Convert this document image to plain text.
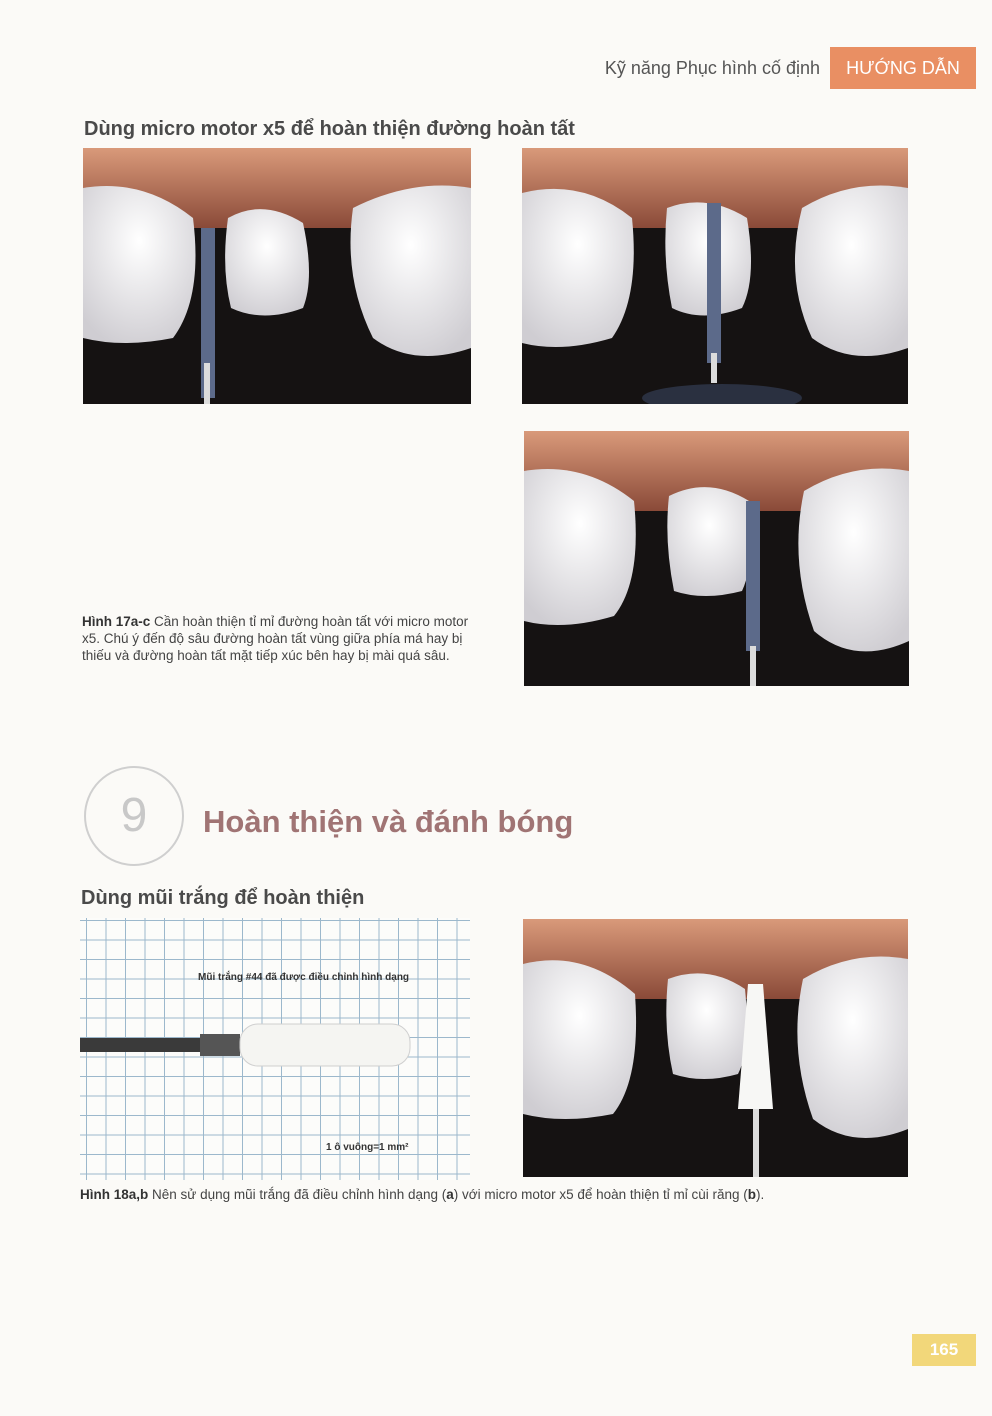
Kỹ năng Phục hình cố định	HƯỚNG DẪN
Dùng micro motor x5 để hoàn thiện đường hoàn tất
Hình 17a-c Cần hoàn thiện tỉ mỉ đường hoàn tất với micro motor x5. Chú ý đến độ sâu đường hoàn tất vùng giữa phía má hay bị thiếu và đường hoàn tất mặt tiếp xúc bên hay bị mài quá sâu.
9	Hoàn thiện và đánh bóng
Dùng mũi trắng để hoàn thiện
Mũi trắng #44 đã được điều chỉnh hình dạng
1 ô vuông=1 mm²
Hình 18a,b Nên sử dụng mũi trắng đã điều chỉnh hình dạng (a) với micro motor x5 để hoàn thiện tỉ mỉ cùi răng (b).
165
